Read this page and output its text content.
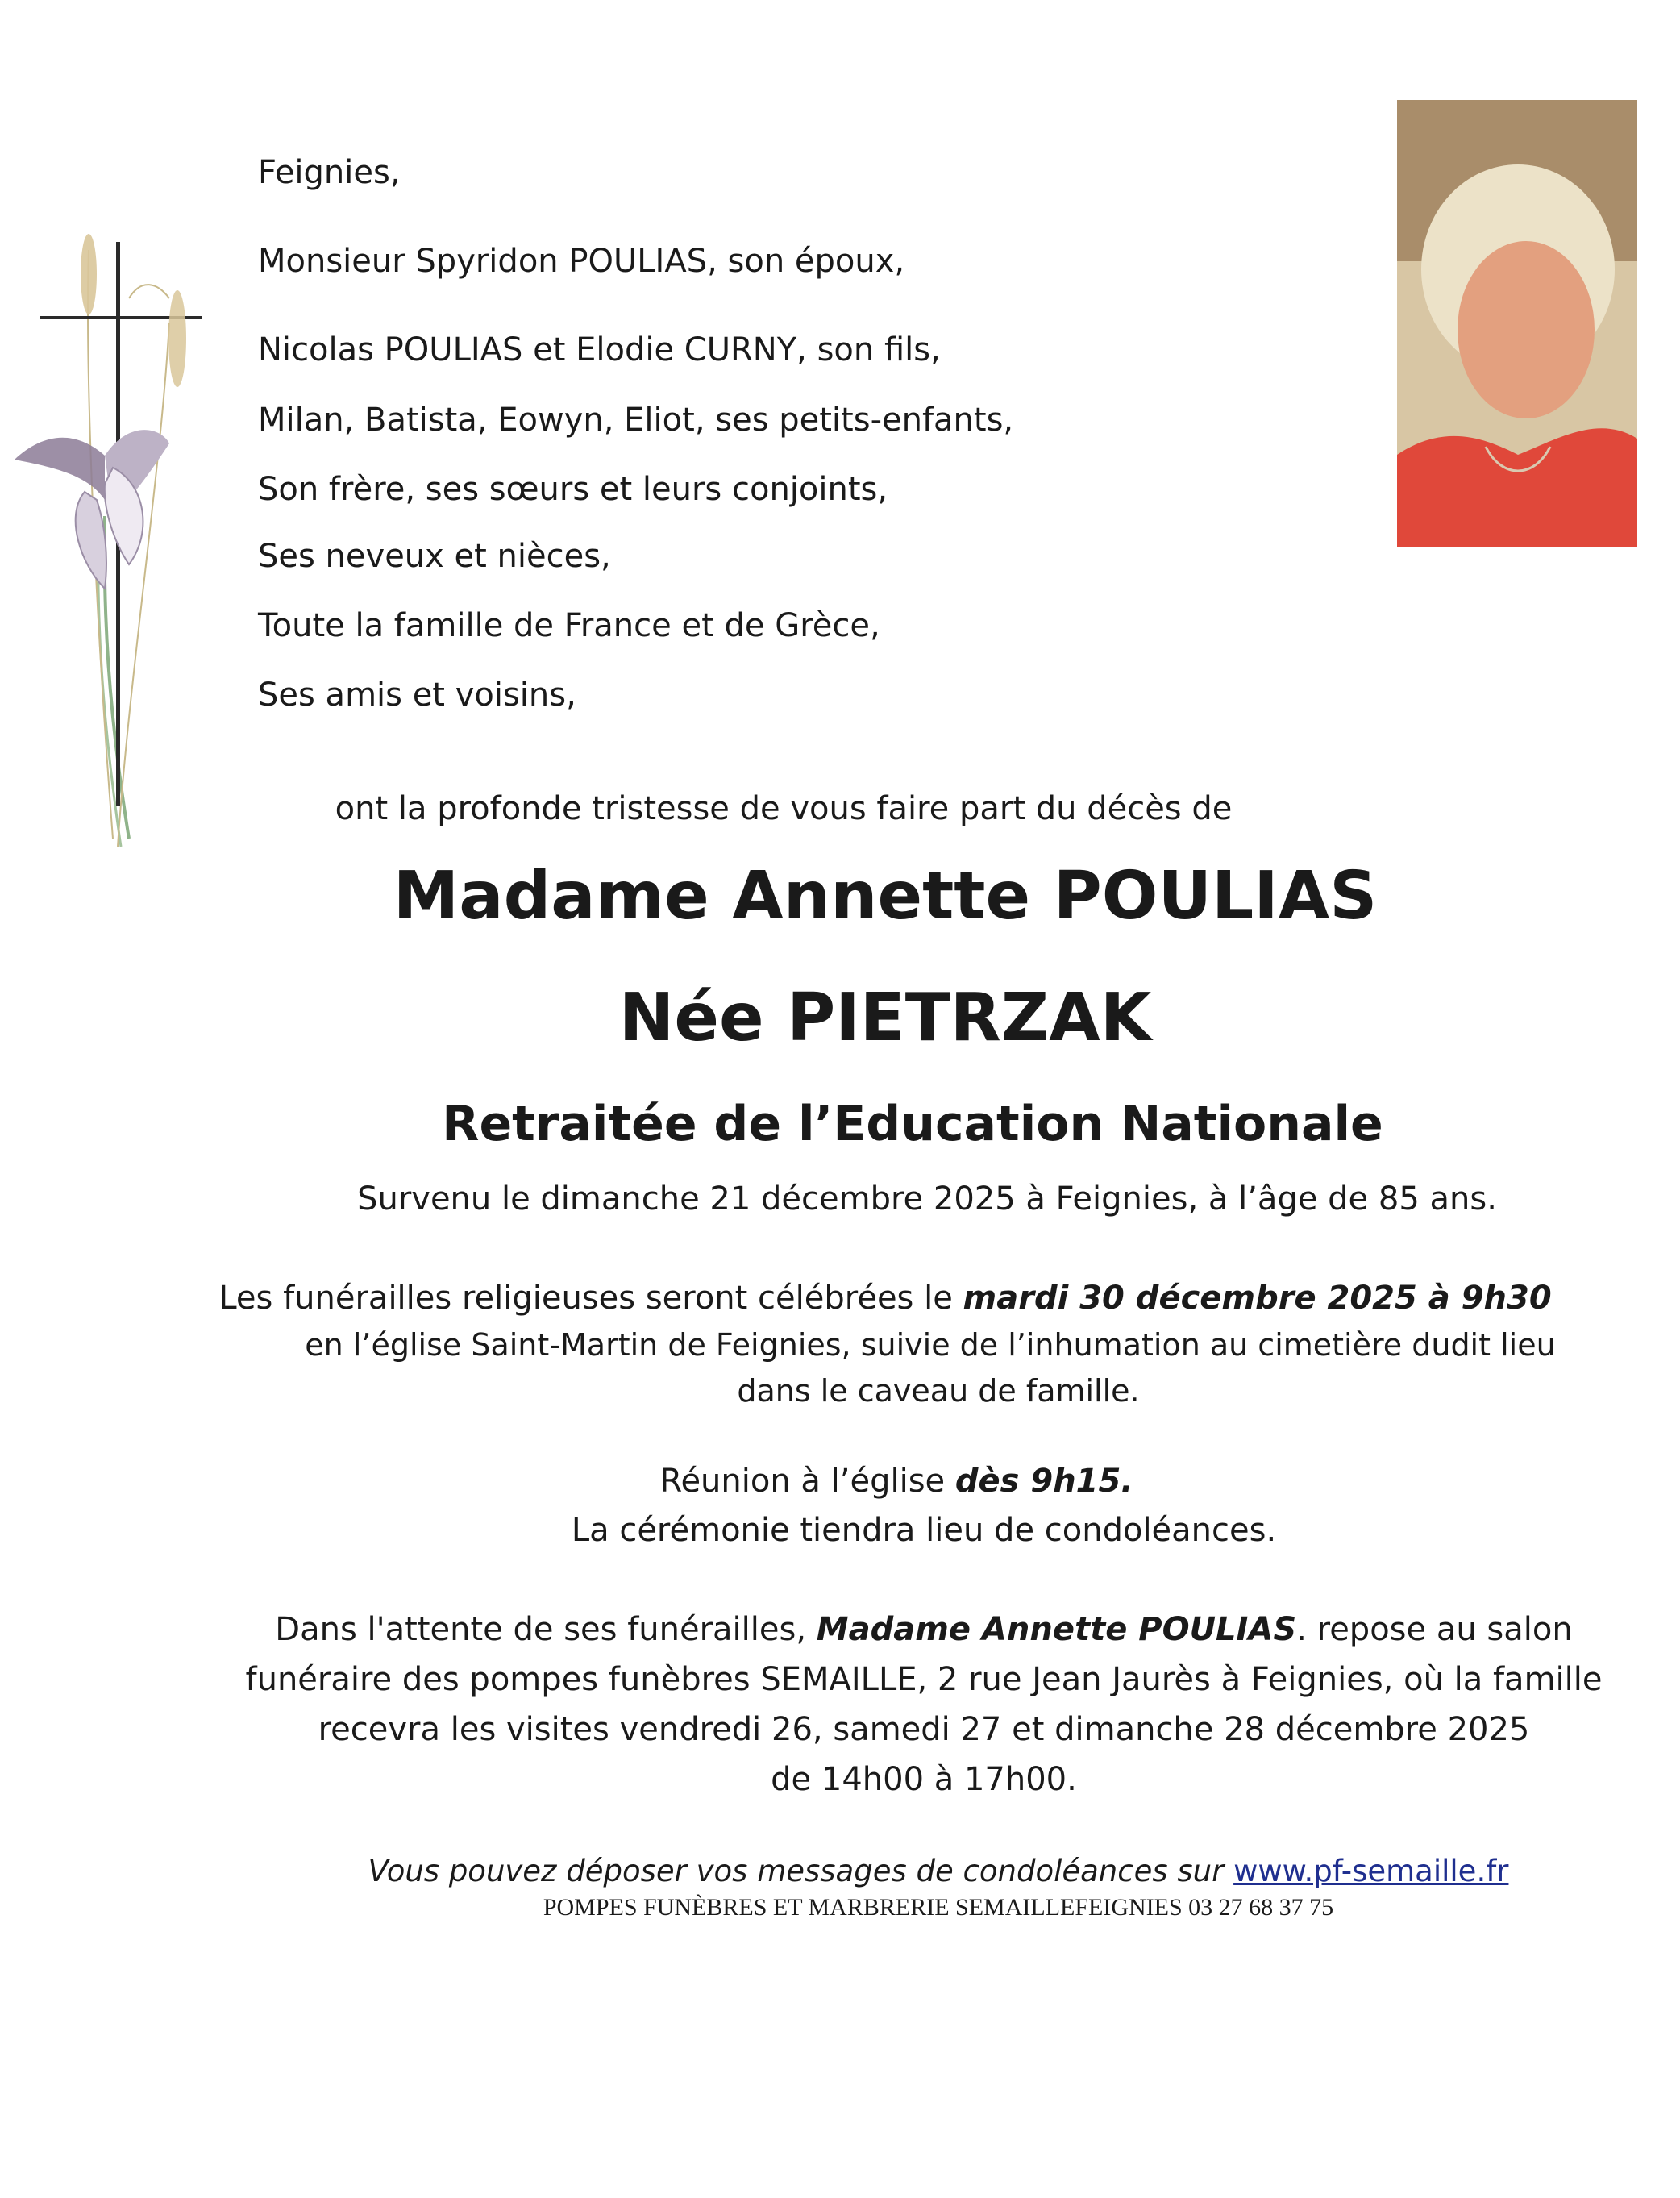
Feignies,
Monsieur Spyridon POULIAS, son époux,
Nicolas POULIAS et Elodie CURNY, son fils,
Milan, Batista, Eowyn, Eliot, ses petits-enfants,
Son frère, ses sœurs et leurs conjoints,
Ses neveux et nièces,
Toute la famille de France et de Grèce,
Ses amis et voisins,
ont la profonde tristesse de vous faire part du décès de
Madame Annette POULIAS
Née PIETRZAK
Retraitée de l’Education Nationale
Survenu le dimanche 21 décembre 2025 à Feignies, à l’âge de 85 ans.
Les funérailles religieuses seront célébrées le mardi 30 décembre 2025 à 9h30
en l’église Saint-Martin de Feignies, suivie de l’inhumation au cimetière dudit lieu
dans le caveau de famille.
Réunion à l’église dès 9h15.
La cérémonie tiendra lieu de condoléances.
Dans l'attente de ses funérailles, Madame Annette POULIAS. repose au salon
funéraire des pompes funèbres SEMAILLE, 2 rue Jean Jaurès à Feignies, où la famille
recevra les visites vendredi 26, samedi 27 et dimanche 28 décembre 2025
de 14h00 à 17h00.
Vous pouvez déposer vos messages de condoléances sur www.pf-semaille.fr
POMPES FUNÈBRES ET MARBRERIE SEMAILLEFEIGNIES 03 27 68 37 75
